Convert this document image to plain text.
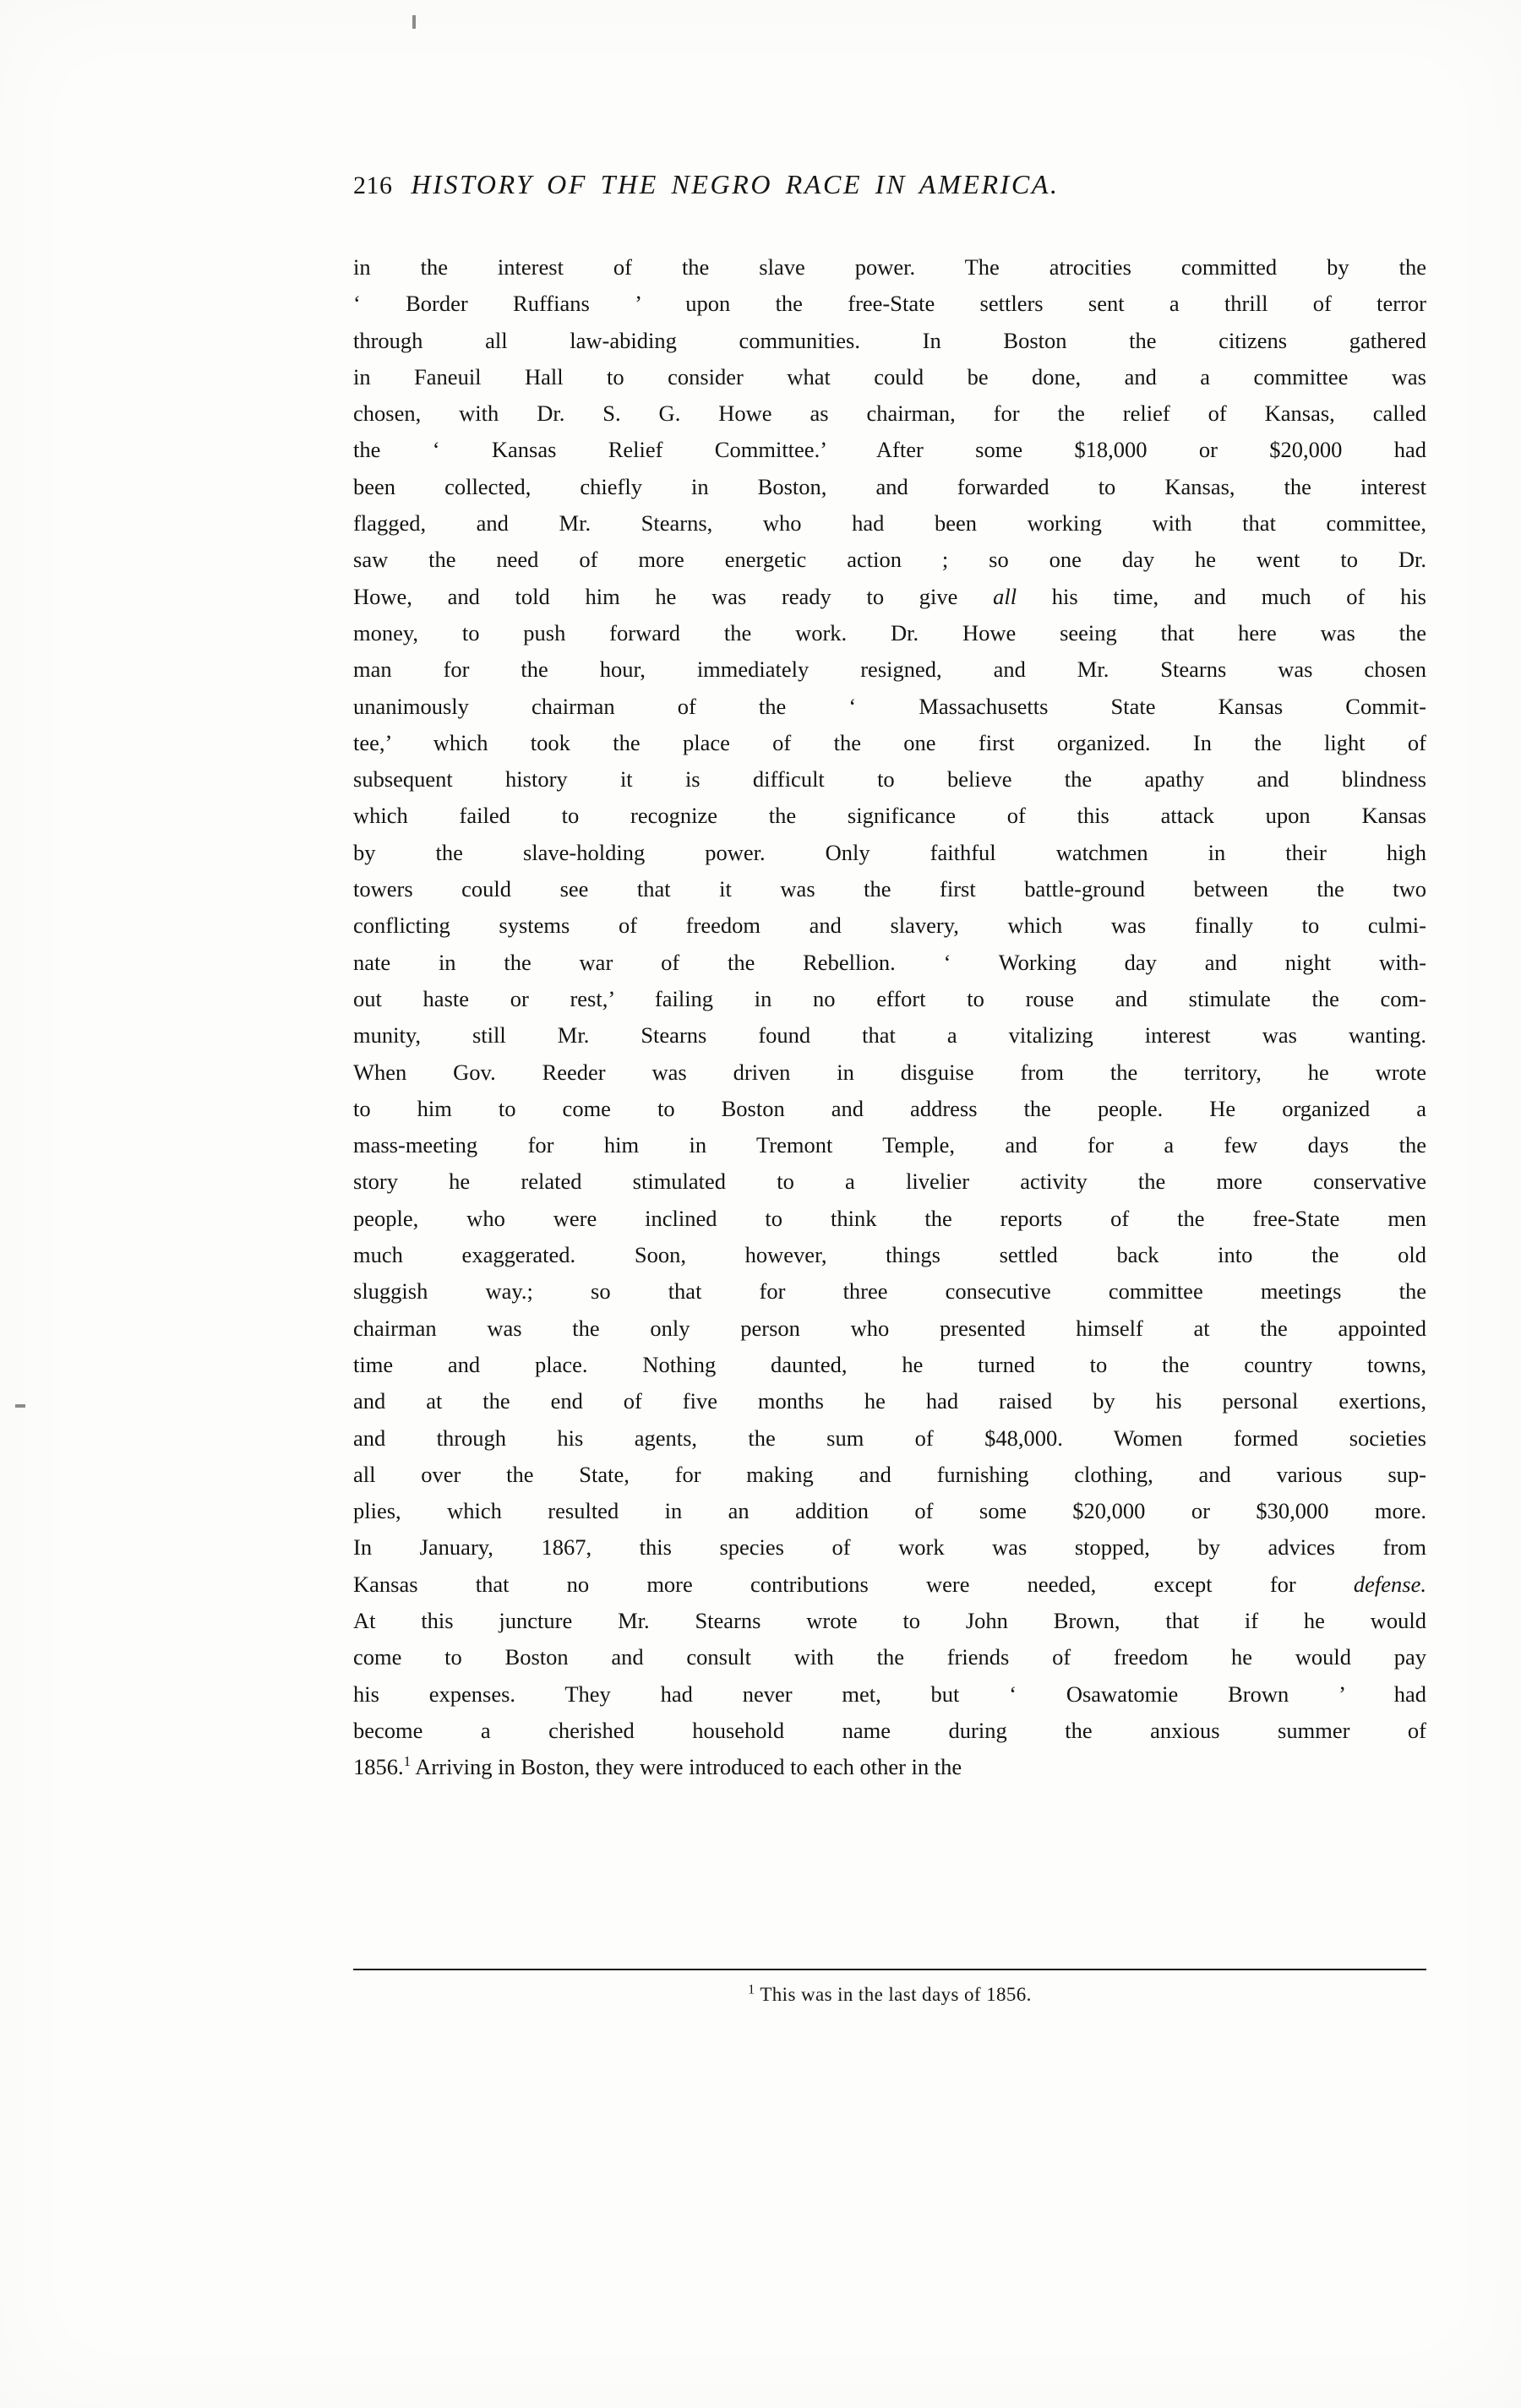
216 HISTORY OF THE NEGRO RACE IN AMERICA.

in the interest of the slave power. The atrocities committed by the
‘ Border Ruffians ’ upon the free-State settlers sent a thrill of terror
through all law-abiding communities. In Boston the citizens gathered
in Faneuil Hall to consider what could be done, and a committee was
chosen, with Dr. S. G. Howe as chairman, for the relief of Kansas, called
the ‘ Kansas Relief Committee.’ After some $18,000 or $20,000 had
been collected, chiefly in Boston, and forwarded to Kansas, the interest
flagged, and Mr. Stearns, who had been working with that committee,
saw the need of more energetic action ; so one day he went to Dr.
Howe, and told him he was ready to give all his time, and much of his
money, to push forward the work. Dr. Howe seeing that here was the
man for the hour, immediately resigned, and Mr. Stearns was chosen
unanimously chairman of the ‘ Massachusetts State Kansas Commit-
tee,’ which took the place of the one first organized. In the light of
subsequent history it is difficult to believe the apathy and blindness
which failed to recognize the significance of this attack upon Kansas
by the slave-holding power. Only faithful watchmen in their high
towers could see that it was the first battle-ground between the two
conflicting systems of freedom and slavery, which was finally to culmi-
nate in the war of the Rebellion. ‘ Working day and night with-
out haste or rest,’ failing in no effort to rouse and stimulate the com-
munity, still Mr. Stearns found that a vitalizing interest was wanting.
When Gov. Reeder was driven in disguise from the territory, he wrote
to him to come to Boston and address the people. He organized a
mass-meeting for him in Tremont Temple, and for a few days the
story he related stimulated to a livelier activity the more conservative
people, who were inclined to think the reports of the free-State men
much exaggerated. Soon, however, things settled back into the old
sluggish way.; so that for three consecutive committee meetings the
chairman was the only person who presented himself at the appointed
time and place. Nothing daunted, he turned to the country towns,
and at the end of five months he had raised by his personal exertions,
and through his agents, the sum of $48,000. Women formed societies
all over the State, for making and furnishing clothing, and various sup-
plies, which resulted in an addition of some $20,000 or $30,000 more.
In January, 1867, this species of work was stopped, by advices from
Kansas that no more contributions were needed, except for defense.
At this juncture Mr. Stearns wrote to John Brown, that if he would
come to Boston and consult with the friends of freedom he would pay
his expenses. They had never met, but ‘ Osawatomie Brown ’ had
become a cherished household name during the anxious summer of
1856.$^1$ Arriving in Boston, they were introduced to each other in the

$^1$ This was in the last days of 1856.
